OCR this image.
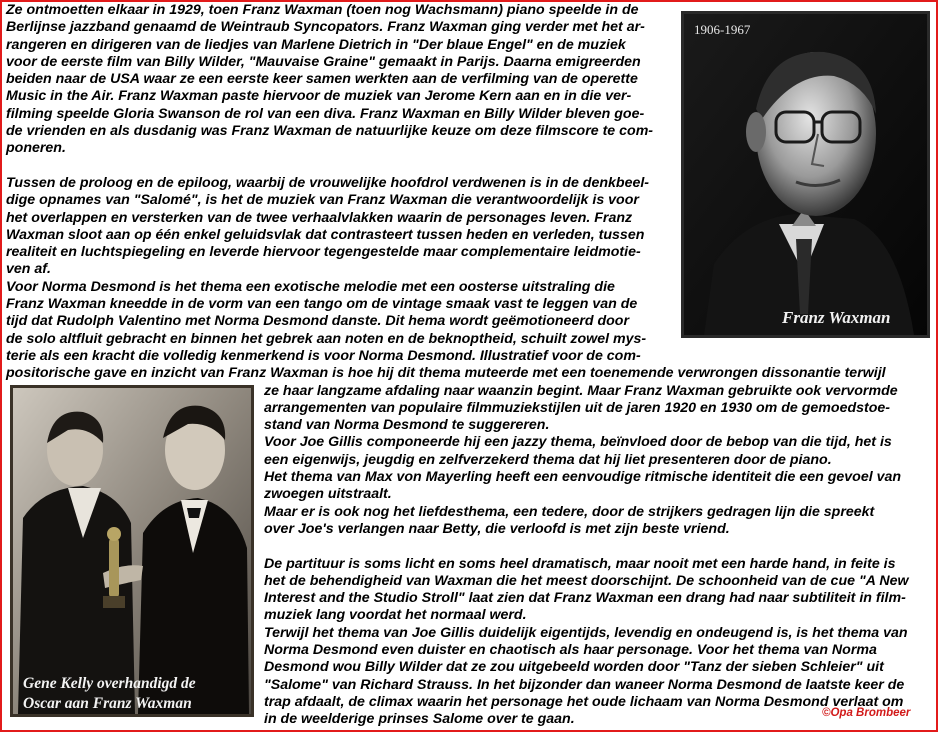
Ze ontmoetten elkaar in 1929, toen Franz Waxman (toen nog Wachsmann) piano speelde in de
Berlijnse jazzband genaamd de Weintraub Syncopators. Franz Waxman ging verder met het ar-
rangeren en dirigeren van de liedjes van Marlene Dietrich in "Der blaue Engel" en de muziek
voor de eerste film van Billy Wilder, "Mauvaise Graine" gemaakt in Parijs. Daarna emigreerden
beiden naar de USA waar ze een eerste keer samen werkten aan de verfilming van de operette
Music in the Air. Franz Waxman paste hiervoor de muziek van Jerome Kern aan en in die ver-
filming speelde Gloria Swanson de rol van een diva. Franz Waxman en Billy Wilder bleven goe-
de vrienden en als dusdanig was Franz Waxman de natuurlijke keuze om deze filmscore te com-
poneren.
Tussen de proloog en de epiloog, waarbij de vrouwelijke hoofdrol verdwenen is in de denkbeel-
dige opnames van "Salomé", is het de muziek van Franz Waxman die verantwoordelijk is voor
het overlappen en versterken van de twee verhaalvlakken waarin de personages leven. Franz
Waxman sloot aan op één enkel geluidsvlak dat contrasteert tussen heden en verleden, tussen
realiteit en luchtspiegeling en leverde hiervoor tegengestelde maar complementaire leidmotie-
ven af.
Voor Norma Desmond is het thema een exotische melodie met een oosterse uitstraling die
Franz Waxman kneedde in de vorm van een tango om de vintage smaak vast te leggen van de
tijd dat Rudolph Valentino met Norma Desmond danste. Dit hema wordt geëmotioneerd door
de solo altfluit gebracht en binnen het gebrek aan noten en de beknoptheid, schuilt zowel mys-
terie als een kracht die volledig kenmerkend is voor Norma Desmond. Illustratief voor de com-
positorische gave en inzicht van Franz Waxman is hoe hij dit thema muteerde met een toenemende verwrongen dissonantie terwijl
ze haar langzame afdaling naar waanzin begint. Maar Franz Waxman gebruikte ook vervormde
arrangementen van populaire filmmuziekstijlen uit de jaren 1920 en 1930 om de gemoedstoe-
stand van Norma Desmond te suggereren.
Voor Joe Gillis componeerde hij een jazzy thema, beïnvloed door de bebop van die tijd, het is
een eigenwijs, jeugdig en zelfverzekerd thema dat hij liet presenteren door de piano.
Het thema van Max von Mayerling heeft een eenvoudige ritmische identiteit die een gevoel van
zwoegen uitstraalt.
Maar er is ook nog het liefdesthema, een tedere, door de strijkers gedragen lijn die spreekt
over Joe's verlangen naar Betty, die verloofd is met zijn beste vriend.
De partituur is soms licht en soms heel dramatisch, maar nooit met een harde hand, in feite is
het de behendigheid van Waxman die het meest doorschijnt. De schoonheid van de cue "A New
Interest and the Studio Stroll" laat zien dat Franz Waxman een drang had naar subtiliteit in film-
muziek lang voordat het normaal werd.
Terwijl het thema van Joe Gillis duidelijk eigentijds, levendig en ondeugend is, is het thema van
Norma Desmond even duister en chaotisch als haar personage. Voor het thema van Norma
Desmond wou Billy Wilder dat ze zou uitgebeeld worden door "Tanz der sieben Schleier" uit
"Salome" van Richard Strauss. In het bijzonder dan waneer Norma Desmond de laatste keer de
trap afdaalt, de climax waarin het personage het oude lichaam van Norma Desmond verlaat om
in de weelderige prinses Salome over te gaan.
1906-1967
Franz Waxman
Gene Kelly overhandigd de
Oscar aan Franz Waxman
©Opa Brombeer
